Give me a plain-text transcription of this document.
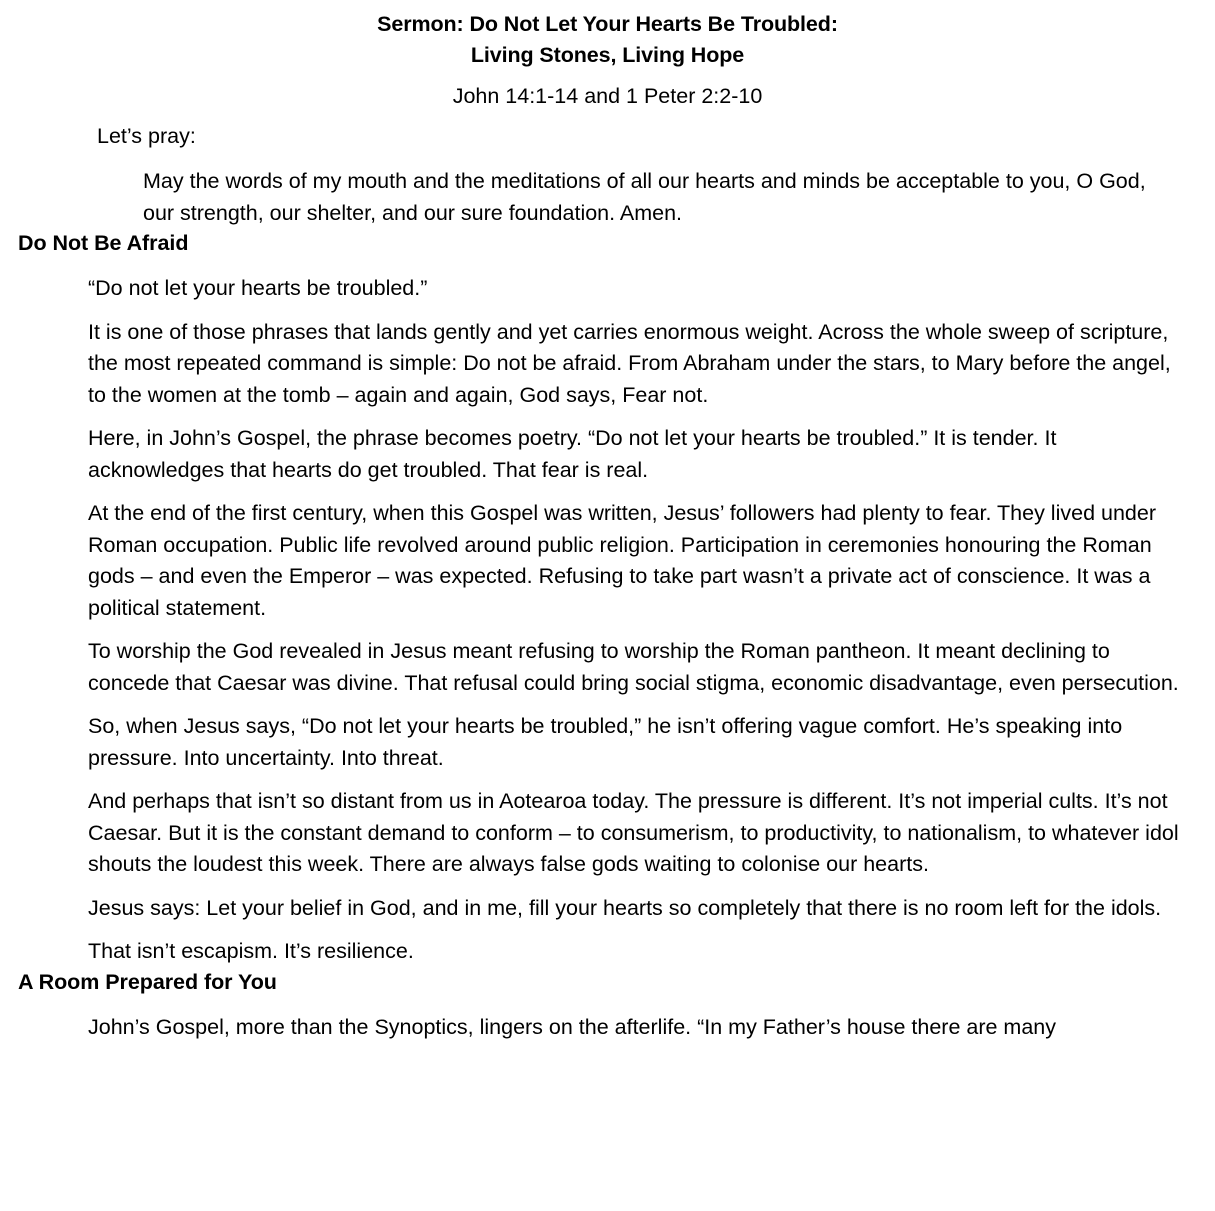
Sermon: Do Not Let Your Hearts Be Troubled:
Living Stones, Living Hope
John 14:1-14 and 1 Peter 2:2-10
Let’s pray:
May the words of my mouth and the meditations of all our hearts and minds be acceptable to you, O God, our strength, our shelter, and our sure foundation. Amen.
Do Not Be Afraid

“Do not let your hearts be troubled.”

It is one of those phrases that lands gently and yet carries enormous weight. Across the whole sweep of scripture, the most repeated command is simple: Do not be afraid. From Abraham under the stars, to Mary before the angel, to the women at the tomb – again and again, God says, Fear not.

Here, in John’s Gospel, the phrase becomes poetry. “Do not let your hearts be troubled.” It is tender. It acknowledges that hearts do get troubled. That fear is real.

At the end of the first century, when this Gospel was written, Jesus’ followers had plenty to fear. They lived under Roman occupation. Public life revolved around public religion. Participation in ceremonies honouring the Roman gods – and even the Emperor – was expected. Refusing to take part wasn’t a private act of conscience. It was a political statement.

To worship the God revealed in Jesus meant refusing to worship the Roman pantheon. It meant declining to concede that Caesar was divine. That refusal could bring social stigma, economic disadvantage, even persecution.

So, when Jesus says, “Do not let your hearts be troubled,” he isn’t offering vague comfort. He’s speaking into pressure. Into uncertainty. Into threat.

And perhaps that isn’t so distant from us in Aotearoa today. The pressure is different. It’s not imperial cults. It’s not Caesar. But it is the constant demand to conform – to consumerism, to productivity, to nationalism, to whatever idol shouts the loudest this week. There are always false gods waiting to colonise our hearts.

Jesus says: Let your belief in God, and in me, fill your hearts so completely that there is no room left for the idols.

That isn’t escapism. It’s resilience.

A Room Prepared for You

John’s Gospel, more than the Synoptics, lingers on the afterlife. “In my Father’s house there are many
